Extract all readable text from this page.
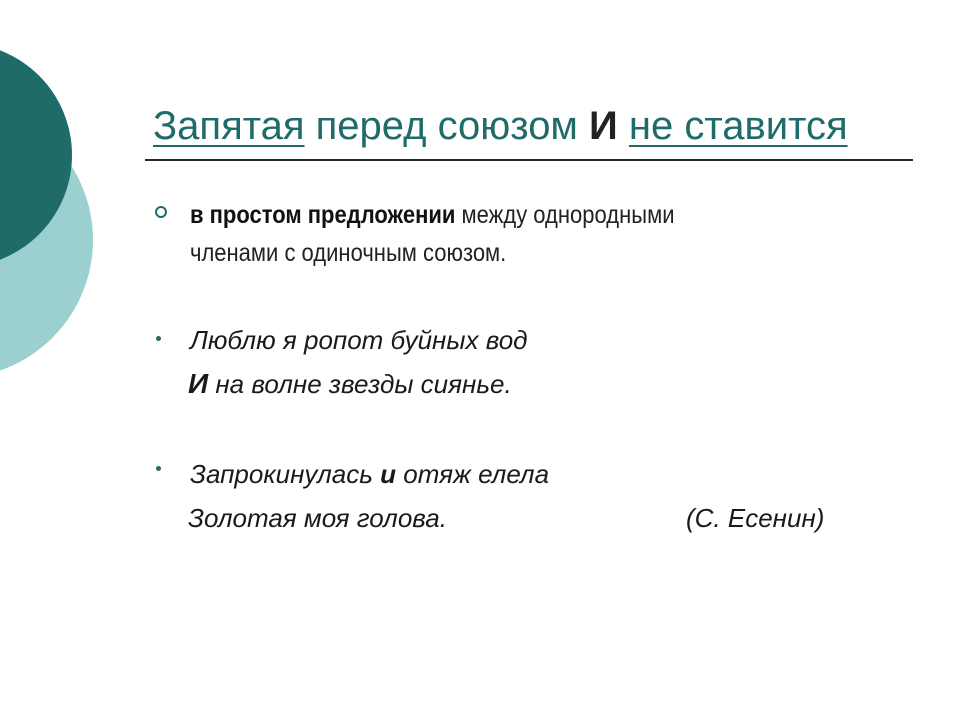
Запятая перед союзом И не ставится
в простом предложении между однородными членами с одиночным союзом.
Люблю я ропот буйных вод
И на волне звезды сиянье.
Запрокинулась и отяж елела
Золотая моя голова.	(С. Есенин)
